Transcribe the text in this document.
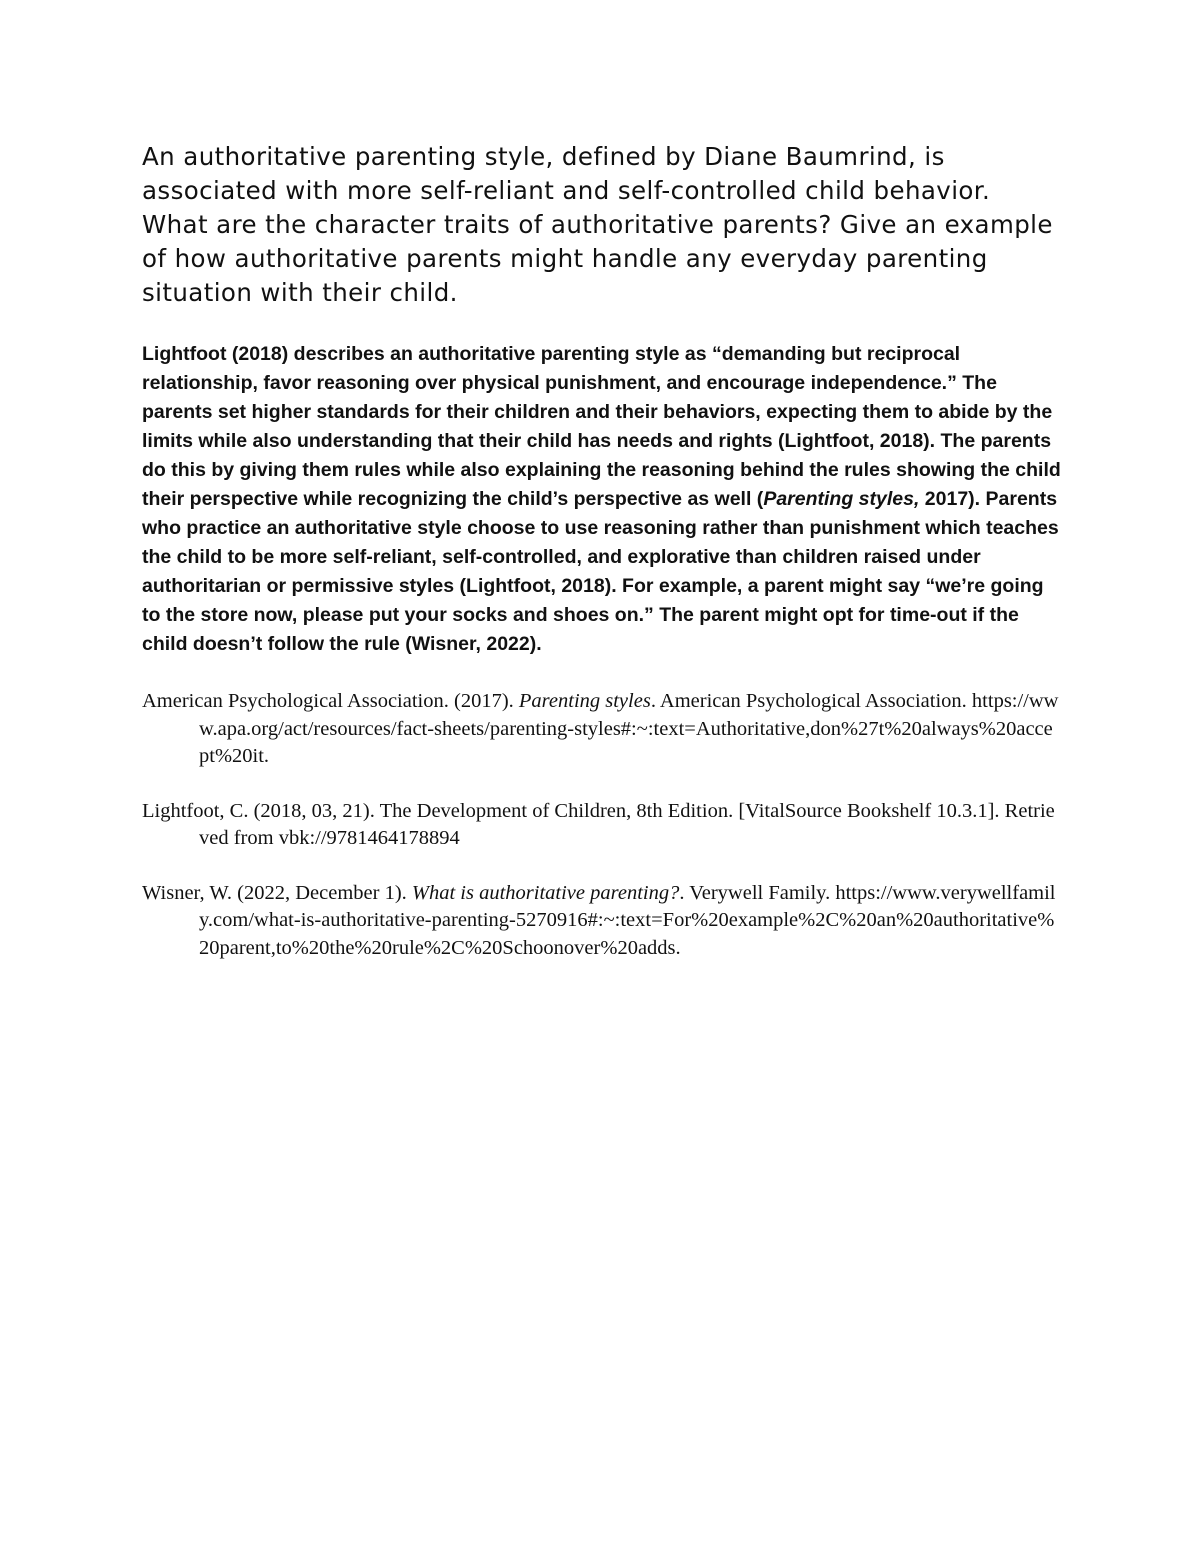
An authoritative parenting style, defined by Diane Baumrind, is associated with more self-reliant and self-controlled child behavior. What are the character traits of authoritative parents? Give an example of how authoritative parents might handle any everyday parenting situation with their child.

Lightfoot (2018) describes an authoritative parenting style as “demanding but reciprocal relationship, favor reasoning over physical punishment, and encourage independence.” The parents set higher standards for their children and their behaviors, expecting them to abide by the limits while also understanding that their child has needs and rights (Lightfoot, 2018). The parents do this by giving them rules while also explaining the reasoning behind the rules showing the child their perspective while recognizing the child’s perspective as well (Parenting styles, 2017). Parents who practice an authoritative style choose to use reasoning rather than punishment which teaches the child to be more self-reliant, self-controlled, and explorative than children raised under authoritarian or permissive styles (Lightfoot, 2018). For example, a parent might say “we’re going to the store now, please put your socks and shoes on.” The parent might opt for time-out if the child doesn’t follow the rule (Wisner, 2022).

American Psychological Association. (2017). Parenting styles. American Psychological Association. https://www.apa.org/act/resources/fact-sheets/parenting-styles#:~:text=Authoritative,don%27t%20always%20accept%20it.

Lightfoot, C. (2018, 03, 21). The Development of Children, 8th Edition. [VitalSource Bookshelf 10.3.1]. Retrieved from vbk://9781464178894

Wisner, W. (2022, December 1). What is authoritative parenting?. Verywell Family. https://www.verywellfamily.com/what-is-authoritative-parenting-5270916#:~:text=For%20example%2C%20an%20authoritative%20parent,to%20the%20rule%2C%20Schoonover%20adds.
